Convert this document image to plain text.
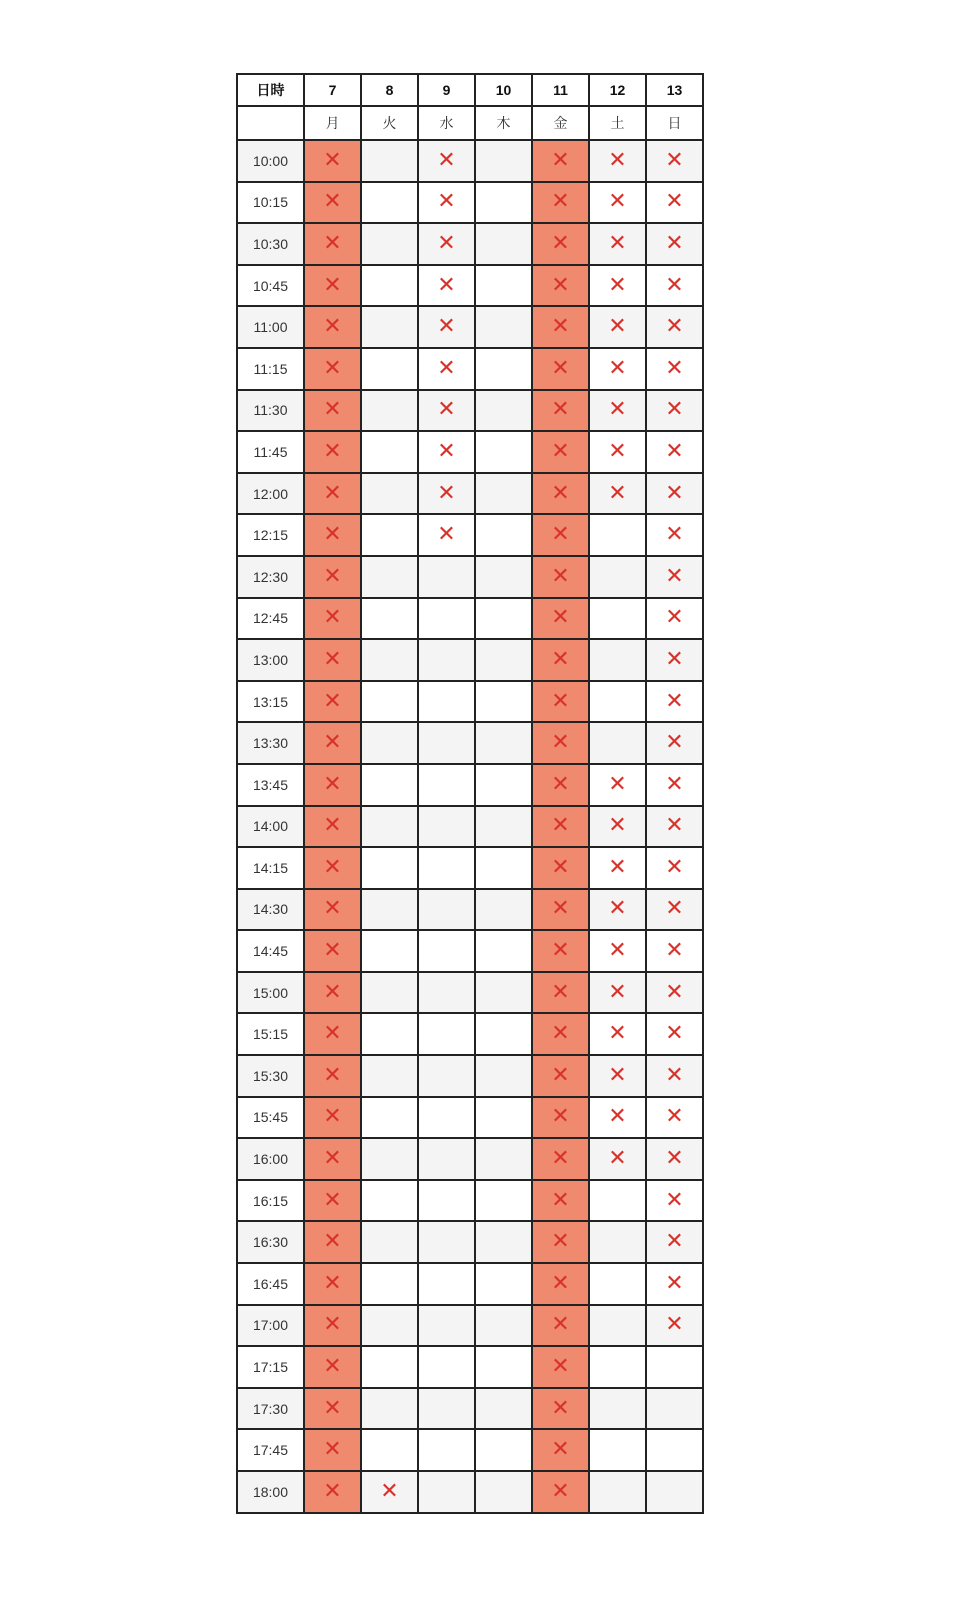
日時	7	8	9	10	11	12	13
	月	火	水	木	金	土	日
10:00	✕		✕		✕	✕	✕
10:15	✕		✕		✕	✕	✕
10:30	✕		✕		✕	✕	✕
10:45	✕		✕		✕	✕	✕
11:00	✕		✕		✕	✕	✕
11:15	✕		✕		✕	✕	✕
11:30	✕		✕		✕	✕	✕
11:45	✕		✕		✕	✕	✕
12:00	✕		✕		✕	✕	✕
12:15	✕		✕		✕		✕
12:30	✕				✕		✕
12:45	✕				✕		✕
13:00	✕				✕		✕
13:15	✕				✕		✕
13:30	✕				✕		✕
13:45	✕				✕	✕	✕
14:00	✕				✕	✕	✕
14:15	✕				✕	✕	✕
14:30	✕				✕	✕	✕
14:45	✕				✕	✕	✕
15:00	✕				✕	✕	✕
15:15	✕				✕	✕	✕
15:30	✕				✕	✕	✕
15:45	✕				✕	✕	✕
16:00	✕				✕	✕	✕
16:15	✕				✕		✕
16:30	✕				✕		✕
16:45	✕				✕		✕
17:00	✕				✕		✕
17:15	✕				✕		
17:30	✕				✕		
17:45	✕				✕		
18:00	✕	✕			✕		
